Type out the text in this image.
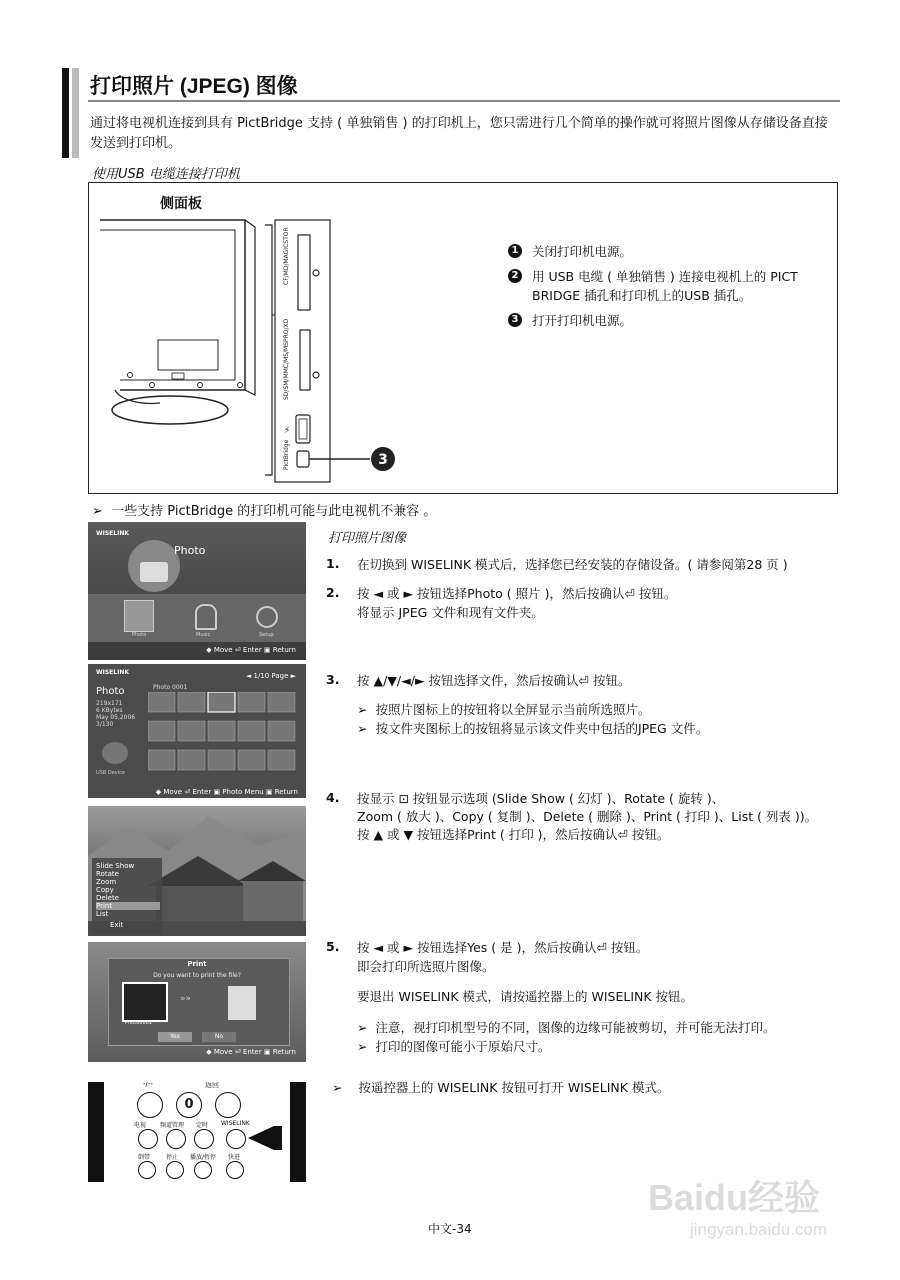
打印照片 (JPEG) 图像
通过将电视机连接到具有 PictBridge 支持 ( 单独销售 ) 的打印机上，您只需进行几个简单的操作就可将照片图像从存储设备直接发送到打印机。
使用USB 电缆连接打印机
侧面板
CF/MD/MAGICSTOR
SD/SM/MMC/MS/MSPRO/XD
PictBridge
⚡
3
1 关闭打印机电源。
2 用 USB 电缆 ( 单独销售 ) 连接电视机上的 PICT BRIDGE 插孔和打印机上的USB 插孔。
3 打开打印机电源。
➢ 一些支持 PictBridge 的打印机可能与此电视机不兼容 。
WISELINK
Photo
Photo	Music	Setup
◆ Move ⏎ Enter ▣ Return
WISELINK	◄ 1/10 Page ►
Photo 0001
Photo
219x171
6 KBytes
May 05,2006
3/130
USB Device
◆ Move ⏎ Enter ▣ Photo Menu ▣ Return
Slide Show
Rotate
Zoom
Copy
Delete
Print
List
Exit
Print
Do you want to print the file?
Photo0001
»»
Yes	No
◆ Move ⏎ Enter ▣ Return
-/--	返回
0
电视 频道管理 定时 WISELINK
倒带	停止 播放/暂停 快进
打印照片图像
1. 在切换到 WISELINK 模式后，选择您已经安装的存储设备。( 请参阅第28 页 )
2. 按 ◄ 或 ► 按钮选择Photo ( 照片 )，然后按确认⏎ 按钮。
将显示 JPEG 文件和现有文件夹。
3. 按 ▲/▼/◄/► 按钮选择文件，然后按确认⏎ 按钮。
➢ 按照片图标上的按钮将以全屏显示当前所选照片。
➢ 按文件夹图标上的按钮将显示该文件夹中包括的JPEG 文件。
4. 按显示 ⊡ 按钮显示选项 (Slide Show ( 幻灯 )、Rotate ( 旋转 )、
Zoom ( 放大 )、Copy ( 复制 )、Delete ( 删除 )、Print ( 打印 )、List ( 列表 ))。
按 ▲ 或 ▼ 按钮选择Print ( 打印 )，然后按确认⏎ 按钮。
5. 按 ◄ 或 ► 按钮选择Yes ( 是 )，然后按确认⏎ 按钮。
即会打印所选照片图像。
要退出 WISELINK 模式，请按遥控器上的 WISELINK 按钮。
➢ 注意，视打印机型号的不同，图像的边缘可能被剪切，并可能无法打印。
➢ 打印的图像可能小于原始尺寸。
➢ 按遥控器上的 WISELINK 按钮可打开 WISELINK 模式。
中文-34
Baidu经验
jingyan.baidu.com
